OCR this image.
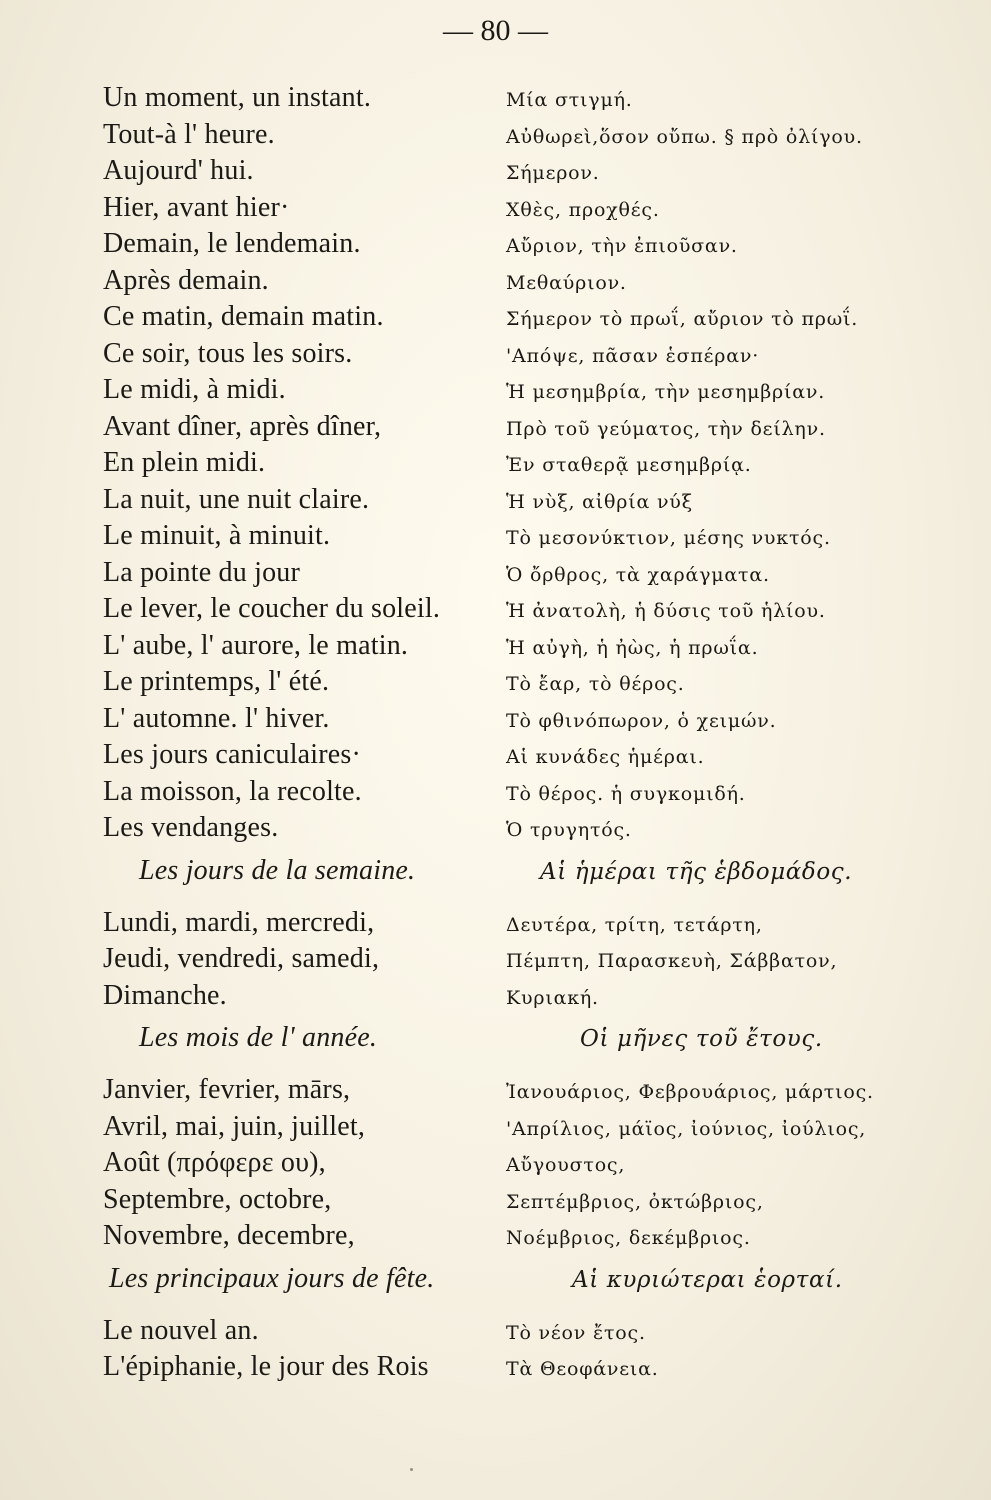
— 80 —
Un moment, un instant.	Μία στιγμή.
Tout-à l' heure.	Αὐθωρεὶ,ὅσον οὔπω. § πρὸ ὀλίγου.
Aujourd' hui.	Σήμερον.
Hier, avant hier·	Χθὲς, προχθές.
Demain, le lendemain.	Αὔριον, τὴν ἐπιοῦσαν.
Après demain.	Μεθαύριον.
Ce matin, demain matin.	Σήμερον τὸ πρωΐ, αὔριον τὸ πρωΐ.
Ce soir, tous les soirs.	'Απόψε, πᾶσαν ἑσπέραν·
Le midi, à midi.	Ἡ μεσημβρία, τὴν μεσημβρίαν.
Avant dîner, après dîner,	Πρὸ τοῦ γεύματος, τὴν δείλην.
En plein midi.	Ἐν σταθερᾷ μεσημβρίᾳ.
La nuit, une nuit claire.	Ἡ νὺξ, αἰθρία νύξ
Le minuit, à minuit.	Τὸ μεσονύκτιον, μέσης νυκτός.
La pointe du jour	Ὁ ὄρθρος, τὰ χαράγματα.
Le lever, le coucher du soleil.	Ἡ ἀνατολὴ, ἡ δύσις τοῦ ἡλίου.
L' aube, l' aurore, le matin.	Ἡ αὐγὴ, ἡ ἠὼς, ἡ πρωΐα.
Le printemps, l' été.	Τὸ ἔαρ, τὸ θέρος.
L' automne. l' hiver.	Τὸ φθινόπωρον, ὁ χειμών.
Les jours caniculaires·	Αἱ κυνάδες ἡμέραι.
La moisson, la recolte.	Τὸ θέρος. ἡ συγκομιδή.
Les vendanges.	Ὁ τρυγητός.
Les jours de la semaine.	Αἱ ἡμέραι τῆς ἑβδομάδος.
Lundi, mardi, mercredi,	Δευτέρα, τρίτη, τετάρτη,
Jeudi, vendredi, samedi,	Πέμπτη, Παρασκευὴ, Σάββατον,
Dimanche.	Κυριακή.
Les mois de l' année.	Οἱ μῆνες τοῦ ἔτους.
Janvier, fevrier, mārs,	Ἰανουάριος, Φεβρουάριος, μάρτιος.
Avril, mai, juin, juillet,	'Απρίλιος, μάϊος, ἰούνιος, ἰούλιος,
Août (πρόφερε ου),	Αὔγουστος,
Septembre, octobre,	Σεπτέμβριος, ὀκτώβριος,
Novembre, decembre,	Νοέμβριος, δεκέμβριος.
Les principaux jours de fête.	Αἱ κυριώτεραι ἑορταί.
Le nouvel an.	Τὸ νέον ἔτος.
L'épiphanie, le jour des Rois	Τὰ Θεοφάνεια.
